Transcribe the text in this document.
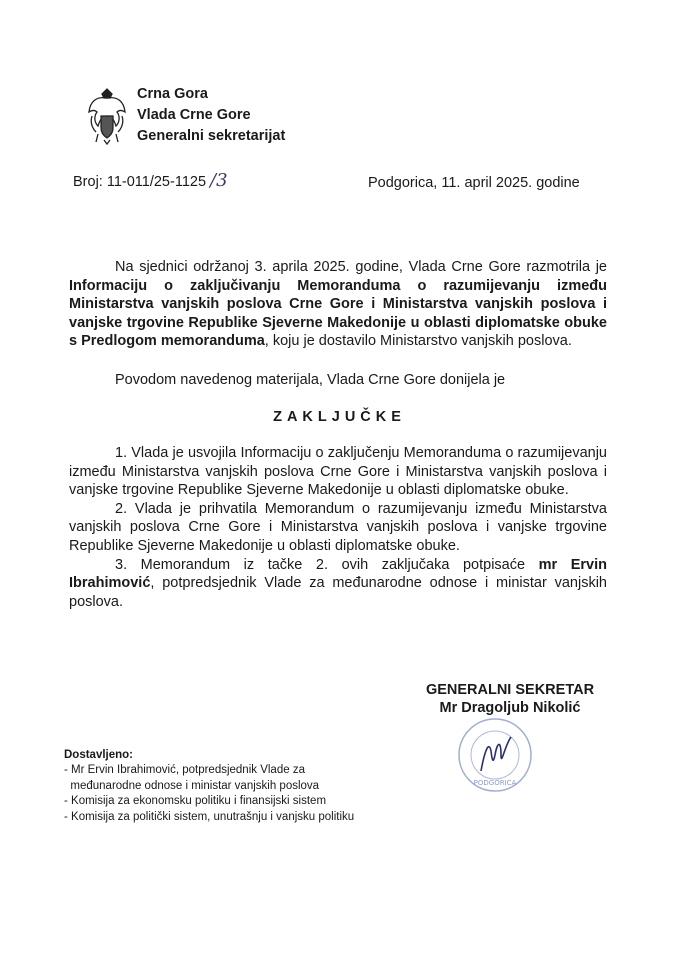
Crna Gora
Vlada Crne Gore
Generalni sekretarijat
Broj: 11-011/25-1125 /3	Podgorica, 11. april 2025. godine
Na sjednici održanoj 3. aprila 2025. godine, Vlada Crne Gore razmotrila je Informaciju o zaključivanju Memoranduma o razumijevanju između Ministarstva vanjskih poslova Crne Gore i Ministarstva vanjskih poslova i vanjske trgovine Republike Sjeverne Makedonije u oblasti diplomatske obuke s Predlogom memoranduma, koju je dostavilo Ministarstvo vanjskih poslova.
Povodom navedenog materijala, Vlada Crne Gore donijela je
ZAKLJUČKE

1. Vlada je usvojila Informaciju o zaključenju Memoranduma o razumijevanju između Ministarstva vanjskih poslova Crne Gore i Ministarstva vanjskih poslova i vanjske trgovine Republike Sjeverne Makedonije u oblasti diplomatske obuke.

2. Vlada je prihvatila Memorandum o razumijevanju između Ministarstva vanjskih poslova Crne Gore i Ministarstva vanjskih poslova i vanjske trgovine Republike Sjeverne Makedonije u oblasti diplomatske obuke.

3. Memorandum iz tačke 2. ovih zaključaka potpisaće mr Ervin Ibrahimović, potpredsjednik Vlade za međunarodne odnose i ministar vanjskih poslova.

PODGORICA
GENERALNI SEKRETAR
Mr Dragoljub Nikolić
Dostavljeno:
- Mr Ervin Ibrahimović, potpredsjednik Vlade za
međunarodne odnose i ministar vanjskih poslova
- Komisija za ekonomsku politiku i finansijski sistem
- Komisija za politički sistem, unutrašnju i vanjsku politiku
